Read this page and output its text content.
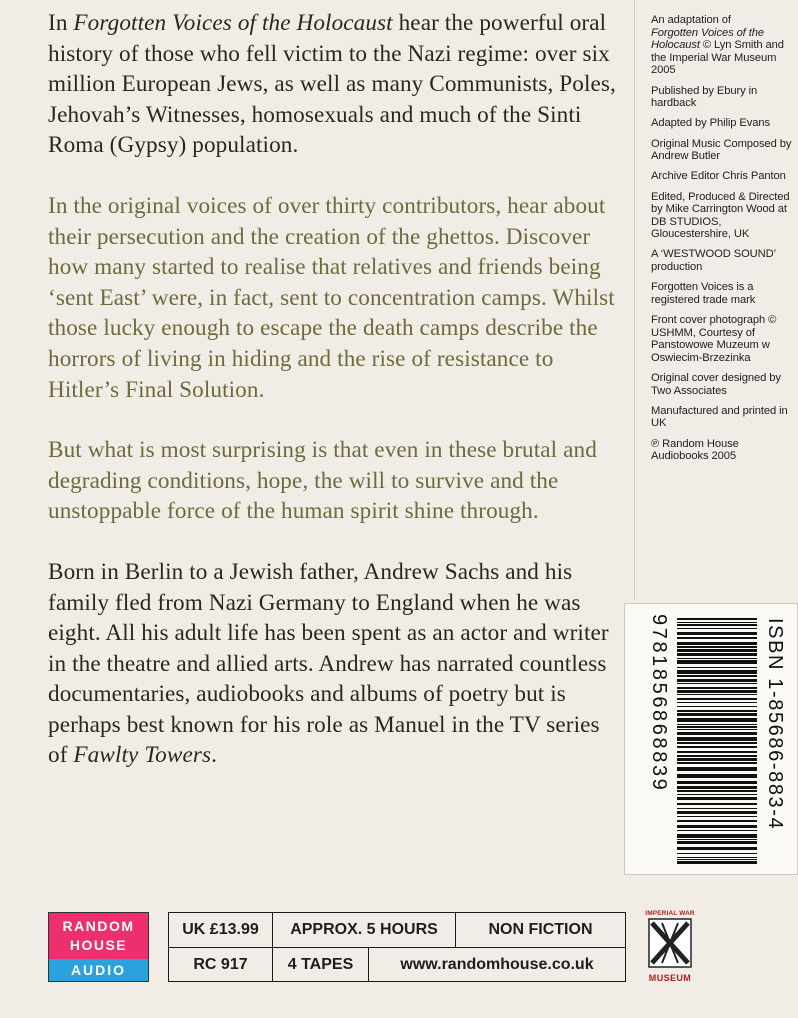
In Forgotten Voices of the Holocaust hear the powerful oral history of those who fell victim to the Nazi regime: over six million European Jews, as well as many Communists, Poles, Jehovah’s Witnesses, homosexuals and much of the Sinti Roma (Gypsy) population.

In the original voices of over thirty contributors, hear about their persecution and the creation of the ghettos. Discover how many started to realise that relatives and friends being ‘sent East’ were, in fact, sent to concentration camps. Whilst those lucky enough to escape the death camps describe the horrors of living in hiding and the rise of resistance to Hitler’s Final Solution.

But what is most surprising is that even in these brutal and degrading conditions, hope, the will to survive and the unstoppable force of the human spirit shine through.

Born in Berlin to a Jewish father, Andrew Sachs and his family fled from Nazi Germany to England when he was eight. All his adult life has been spent as an actor and writer in the theatre and allied arts. Andrew has narrated countless documentaries, audiobooks and albums of poetry but is perhaps best known for his role as Manuel in the TV series of Fawlty Towers.

An adaptation of
Forgotten Voices of the Holocaust © Lyn Smith and the Imperial War Museum 2005

Published by Ebury in hardback

Adapted by Philip Evans

Original Music Composed by Andrew Butler

Archive Editor Chris Panton

Edited, Produced & Directed by Mike Carrington Wood at DB STUDIOS, Gloucestershire, UK

A ‘WESTWOOD SOUND’ production

Forgotten Voices is a registered trade mark

Front cover photograph © USHMM, Courtesy of Panstowowe Muzeum w Oswiecim-Brzezinka

Original cover designed by Two Associates

Manufactured and printed in UK

℗ Random House Audiobooks 2005

9781856868839	ISBN 1-85686-883-4
RANDOM
HOUSE
AUDIO
UK £13.99	APPROX. 5 HOURS	NON FICTION
RC 917	4 TAPES	www.randomhouse.co.uk
IMPERIAL WAR
MUSEUM
